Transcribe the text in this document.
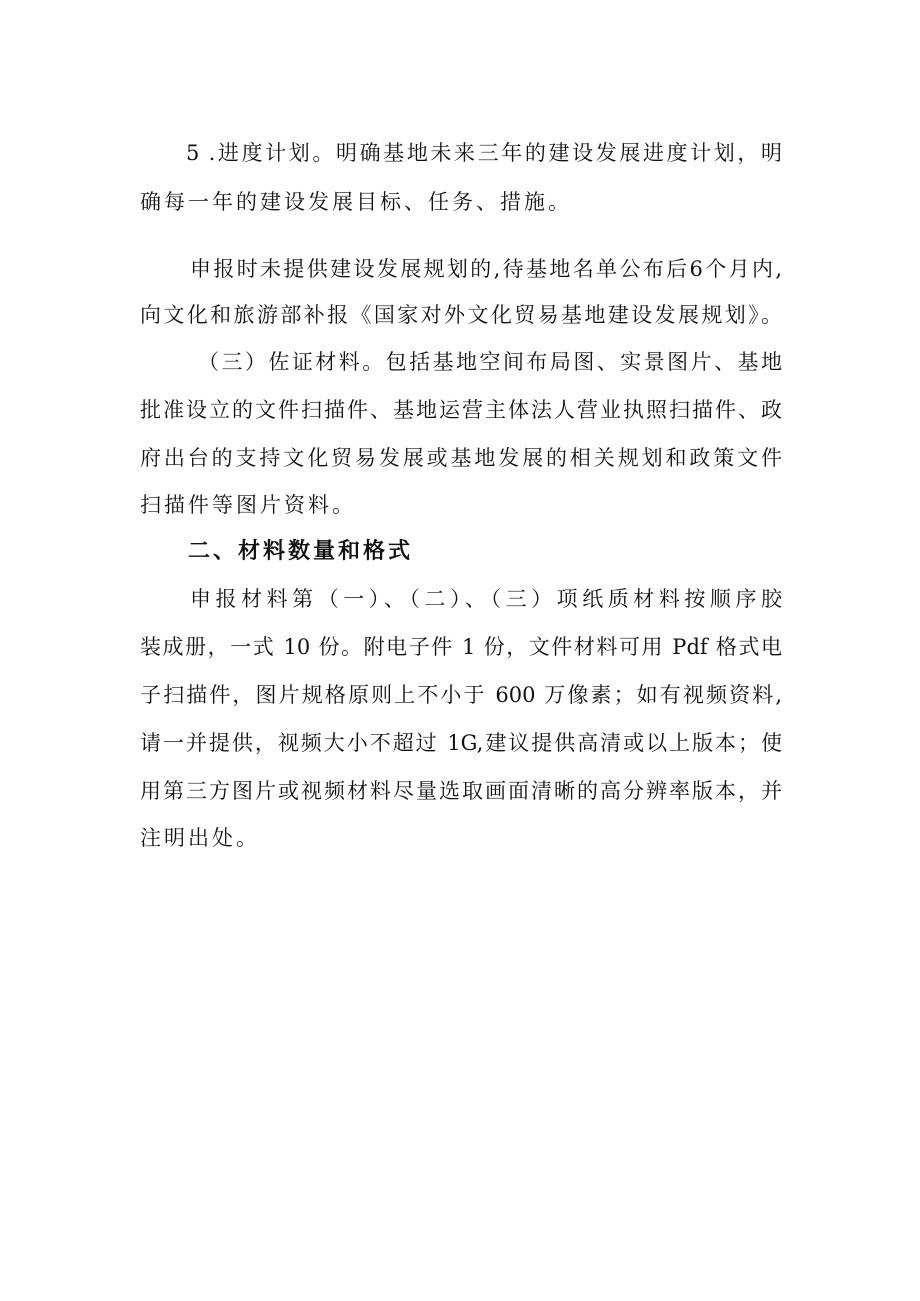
5 .进度计划。明确基地未来三年的建设发展进度计划，明
确每一年的建设发展目标、任务、措施。
申报时未提供建设发展规划的,待基地名单公布后6个月内,
向文化和旅游部补报《国家对外文化贸易基地建设发展规划》。
（三）佐证材料。包括基地空间布局图、实景图片、基地
批准设立的文件扫描件、基地运营主体法人营业执照扫描件、政
府出台的支持文化贸易发展或基地发展的相关规划和政策文件
扫描件等图片资料。
二、材料数量和格式
申报材料第（一）、（二）、（三）项纸质材料按顺序胶
装成册，一式 10 份。附电子件 1 份，文件材料可用 Pdf 格式电
子扫描件，图片规格原则上不小于 600 万像素；如有视频资料,
请一并提供，视频大小不超过 1G,建议提供高清或以上版本；使
用第三方图片或视频材料尽量选取画面清晰的高分辨率版本，并
注明出处。
